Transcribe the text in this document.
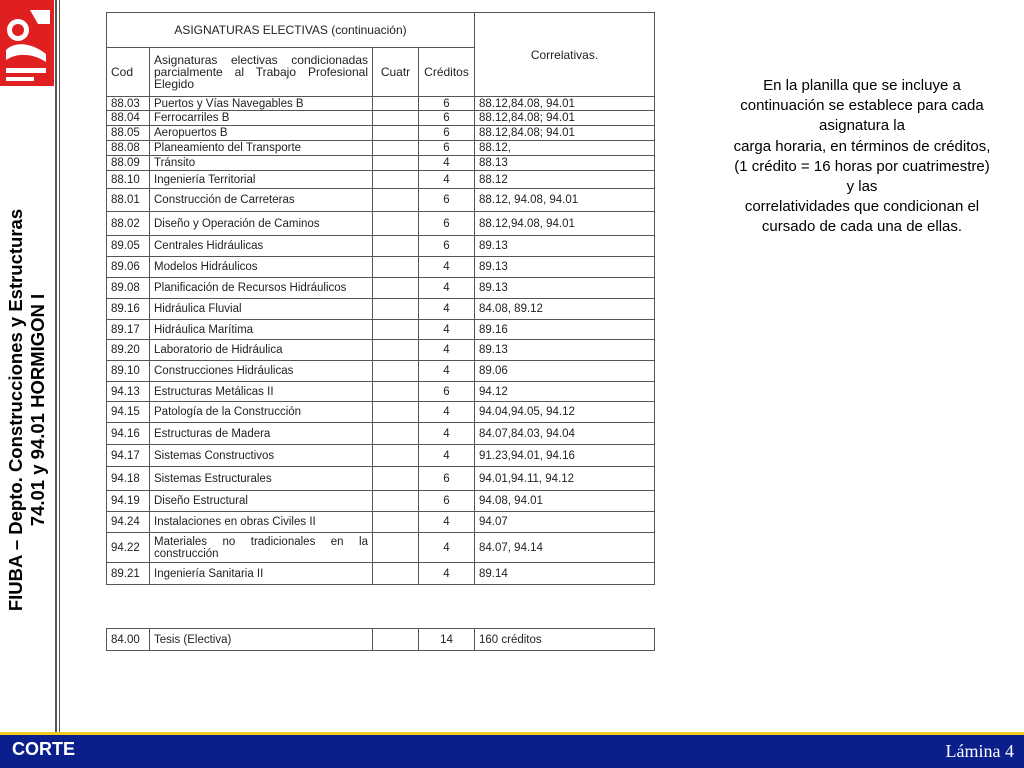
FIUBA – Depto. Construcciones y Estructuras 74.01 y 94.01 HORMIGON I
ASIGNATURAS ELECTIVAS (continuación)				Correlativas.
Cod	Asignaturas electivas condicionadas parcialmente al Trabajo Profesional Elegido	Cuatr	Créditos	
88.03	Puertos y Vías Navegables B		6	88.12,84.08, 94.01
88.04	Ferrocarriles B		6	88.12,84.08; 94.01
88.05	Aeropuertos B		6	88.12,84.08; 94.01
88.08	Planeamiento del Transporte		6	88.12,
88.09	Tránsito		4	88.13
88.10	Ingeniería Territorial		4	88.12
88.01	Construcción de Carreteras		6	88.12, 94.08, 94.01
88.02	Diseño y Operación de Caminos		6	88.12,94.08, 94.01
89.05	Centrales Hidráulicas		6	89.13
89.06	Modelos Hidráulicos		4	89.13
89.08	Planificación de Recursos Hidráulicos		4	89.13
89.16	Hidráulica Fluvial		4	84.08, 89.12
89.17	Hidráulica Marítima		4	89.16
89.20	Laboratorio de Hidráulica		4	89.13
89.10	Construcciones Hidráulicas		4	89.06
94.13	Estructuras Metálicas II		6	94.12
94.15	Patología de la Construcción		4	94.04,94.05, 94.12
94.16	Estructuras de Madera		4	84.07,84.03, 94.04
94.17	Sistemas Constructivos		4	91.23,94.01, 94.16
94.18	Sistemas Estructurales		6	94.01,94.11, 94.12
94.19	Diseño Estructural		6	94.08, 94.01
94.24	Instalaciones en obras Civiles II		4	94.07
94.22	Materiales no tradicionales en la construcción		4	84.07, 94.14
89.21	Ingeniería Sanitaria II		4	89.14
84.00	Tesis (Electiva)		14	160 créditos
En la planilla que se incluye a
continuación se establece para cada
asignatura la
carga horaria, en términos de créditos,
(1 crédito = 16 horas por cuatrimestre)
y las
correlatividades que condicionan el
cursado de cada una de ellas.
CORTE	Lámina 4
